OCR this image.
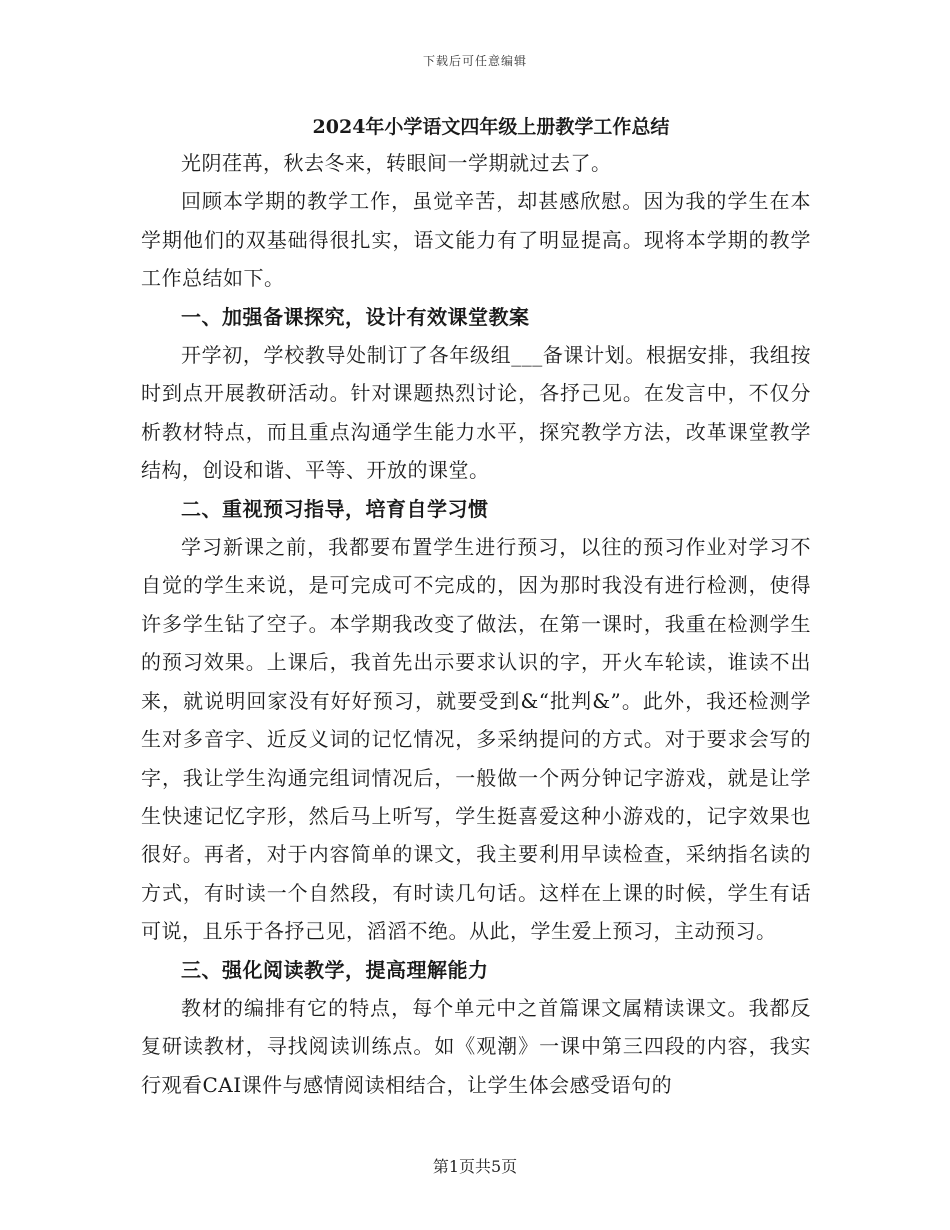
下载后可任意编辑
2024年小学语文四年级上册教学工作总结

光阴荏苒，秋去冬来，转眼间一学期就过去了。

回顾本学期的教学工作，虽觉辛苦，却甚感欣慰。因为我的学生在本学期他们的双基础得很扎实，语文能力有了明显提高。现将本学期的教学工作总结如下。

一、加强备课探究，设计有效课堂教案

开学初，学校教导处制订了各年级组___备课计划。根据安排，我组按时到点开展教研活动。针对课题热烈讨论，各抒己见。在发言中，不仅分析教材特点，而且重点沟通学生能力水平，探究教学方法，改革课堂教学结构，创设和谐、平等、开放的课堂。

二、重视预习指导，培育自学习惯

学习新课之前，我都要布置学生进行预习，以往的预习作业对学习不自觉的学生来说，是可完成可不完成的，因为那时我没有进行检测，使得许多学生钻了空子。本学期我改变了做法，在第一课时，我重在检测学生的预习效果。上课后，我首先出示要求认识的字，开火车轮读，谁读不出来，就说明回家没有好好预习，就要受到&“批判&”。此外，我还检测学生对多音字、近反义词的记忆情况，多采纳提问的方式。对于要求会写的字，我让学生沟通完组词情况后，一般做一个两分钟记字游戏，就是让学生快速记忆字形，然后马上听写，学生挺喜爱这种小游戏的，记字效果也很好。再者，对于内容简单的课文，我主要利用早读检查，采纳指名读的方式，有时读一个自然段，有时读几句话。这样在上课的时候，学生有话可说，且乐于各抒己见，滔滔不绝。从此，学生爱上预习，主动预习。

三、强化阅读教学，提高理解能力

教材的编排有它的特点，每个单元中之首篇课文属精读课文。我都反复研读教材，寻找阅读训练点。如《观潮》一课中第三四段的内容，我实行观看CAI课件与感情阅读相结合，让学生体会感受语句的

第1页共5页
